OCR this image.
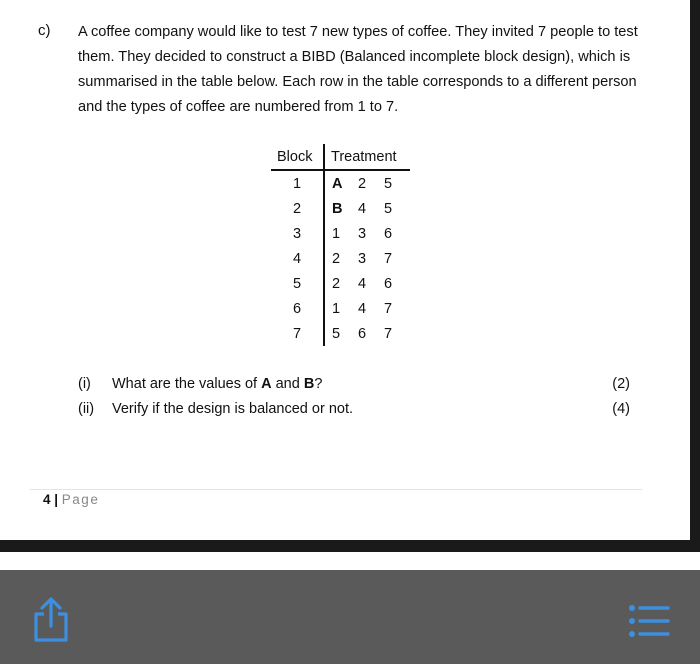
c) A coffee company would like to test 7 new types of coffee. They invited 7 people to test
them. They decided to construct a BIBD (Balanced incomplete block design), which is
summarised in the table below. Each row in the table corresponds to a different person
and the types of coffee are numbered from 1 to 7.

Block	Treatment
1	A 2 5
2	B 4 5
3	1 3 6
4	2 3 7
5	2 4 6
6	1 4 7
7	5 6 7
(i) What are the values of A and B?	(2)
(ii) Verify if the design is balanced or not.	(4)
4 | Page
